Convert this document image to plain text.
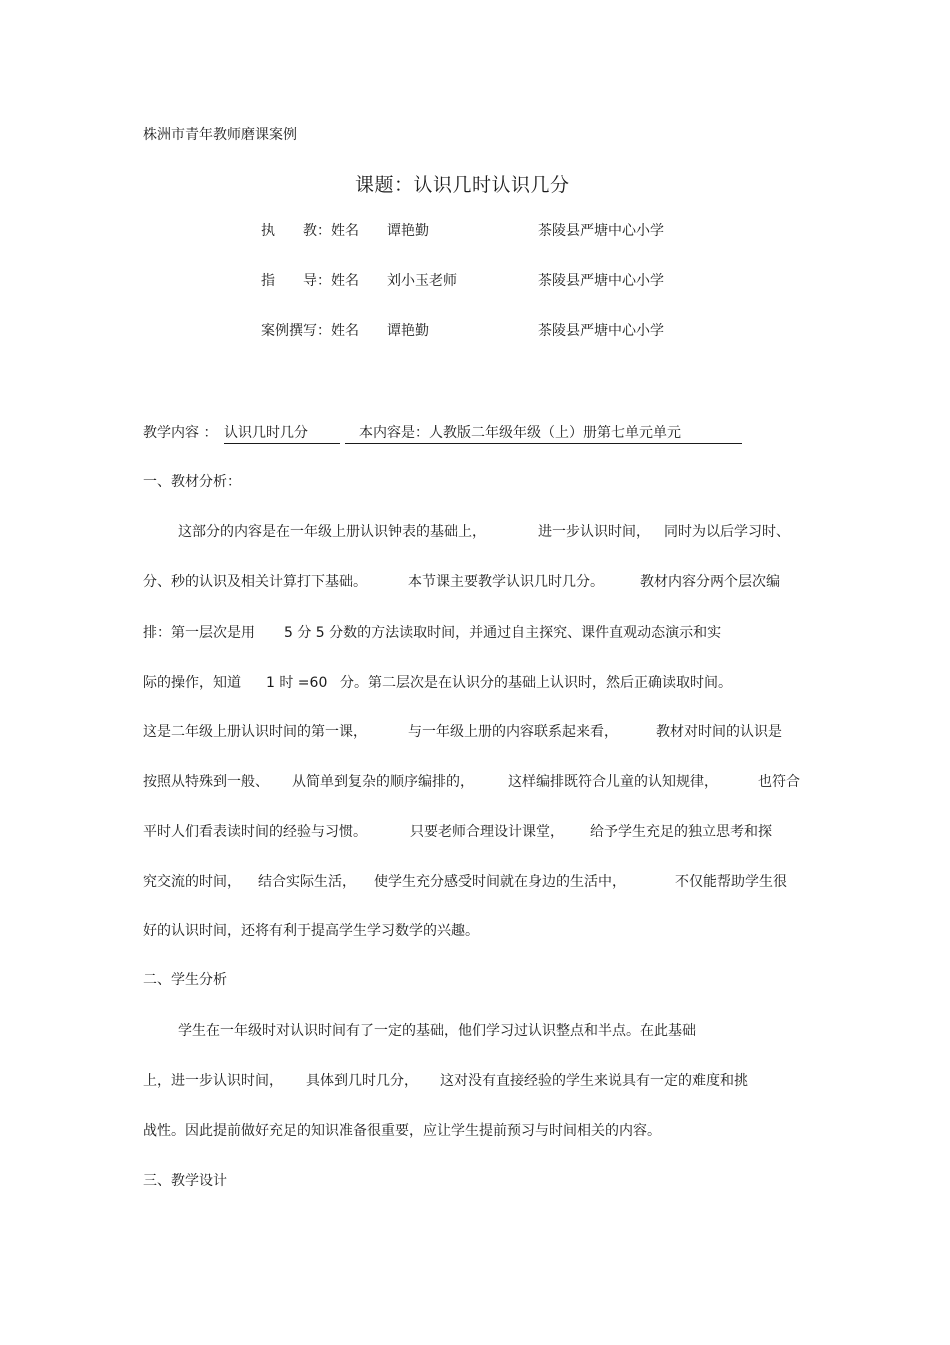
株洲市青年教师磨课案例
课题：认识几时认识几分
执　　教：姓名 谭艳勤	茶陵县严塘中心小学
指　　导：姓名 刘小玉老师	茶陵县严塘中心小学
案例撰写：姓名 谭艳勤	茶陵县严塘中心小学
教学内容 ： 认识几时几分	本内容是：人教版二年级年级（上）册第七单元单元
一、教材分析：
这部分的内容是在一年级上册认识钟表的基础上，	进一步认识时间， 同时为以后学习时、
分、秒的认识及相关计算打下基础。	本节课主要教学认识几时几分。	教材内容分两个层次编
排：第一层次是用 5 分 5 分数的方法读取时间，并通过自主探究、课件直观动态演示和实
际的操作，知道 1 时 =60 分。第二层次是在认识分的基础上认识时，然后正确读取时间。
这是二年级上册认识时间的第一课，	与一年级上册的内容联系起来看，	教材对时间的认识是
按照从特殊到一般、 从简单到复杂的顺序编排的， 这样编排既符合儿童的认知规律，	也符合
平时人们看表读时间的经验与习惯。	只要老师合理设计课堂， 给予学生充足的独立思考和探
究交流的时间， 结合实际生活， 使学生充分感受时间就在身边的生活中，	不仅能帮助学生很
好的认识时间，还将有利于提高学生学习数学的兴趣。
二、学生分析
学生在一年级时对认识时间有了一定的基础，他们学习过认识整点和半点。在此基础
上，进一步认识时间， 具体到几时几分， 这对没有直接经验的学生来说具有一定的难度和挑
战性。因此提前做好充足的知识准备很重要，应让学生提前预习与时间相关的内容。
三、教学设计
